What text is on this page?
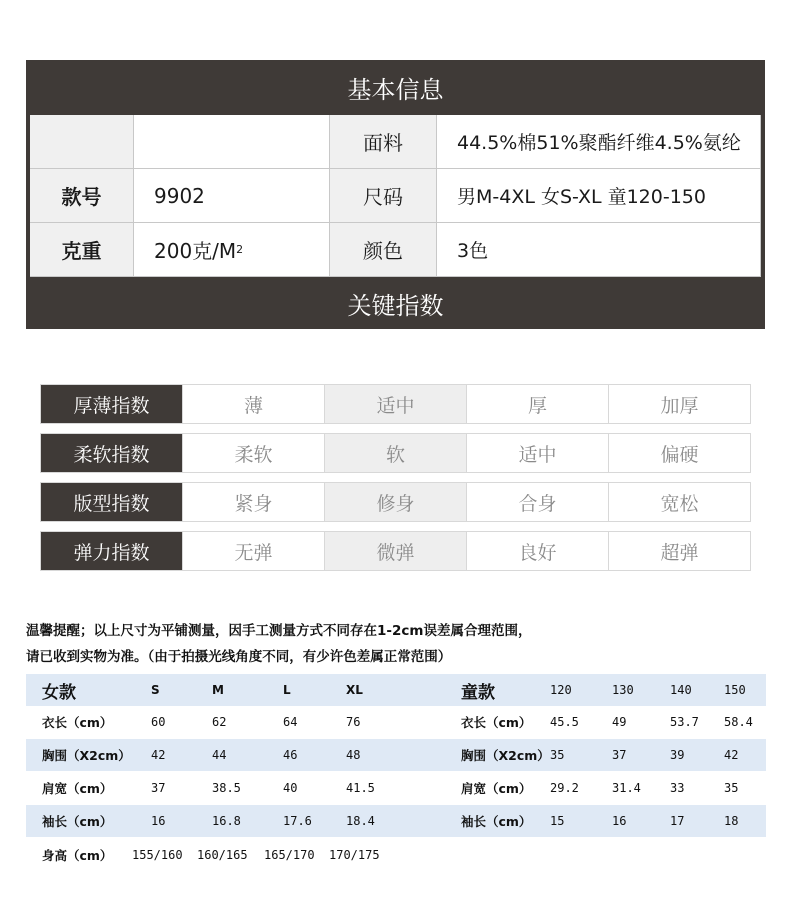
基本信息
面料	44.5%棉51%聚酯纤维4.5%氨纶
款号	9902	尺码	男M-4XL 女S-XL 童120-150
克重	200克/M 2	颜色	3色
关键指数
厚薄指数	薄	适中	厚	加厚
柔软指数	柔软	软	适中	偏硬
版型指数	紧身	修身	合身	宽松
弹力指数	无弹	微弹	良好	超弹
温馨提醒；以上尺寸为平铺测量，因手工测量方式不同存在1-2cm误差属合理范围，
请已收到实物为准。（由于拍摄光线角度不同，有少许色差属正常范围）
女款	S	M	L	XL	童款	120	130	140	150
衣长（cm）	60	62	64	76	衣长（cm） 45.5	49	53.7 58.4
胸围（X2cm） 42	44	46	48	胸围（X2cm） 35	37	39	42
肩宽（cm）	37	38.5	40	41.5	肩宽（cm） 29.2	31.4 33	35
袖长（cm）	16	16.8	17.6	18.4	袖长（cm） 15	16	17	18
身高（cm） 155/160 160/165 165/170 170/175
